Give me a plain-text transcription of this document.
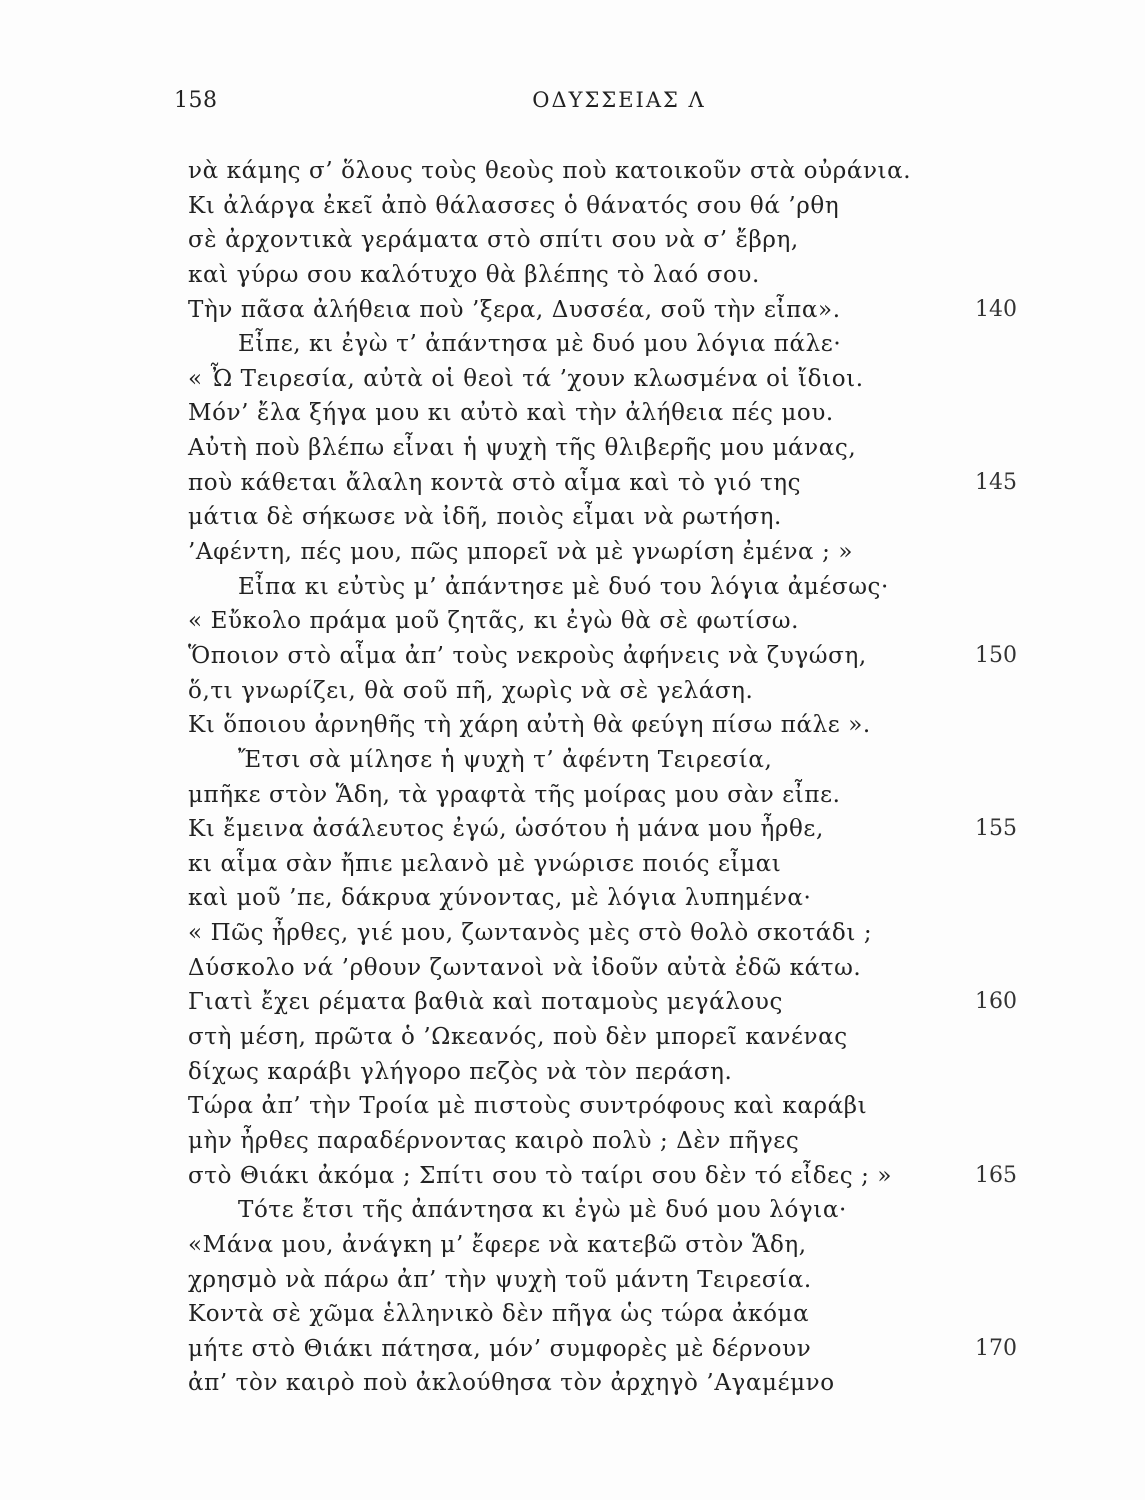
158	ΟΔΥΣΣΕΙΑΣ Λ
νὰ κάμης σ’ ὅλους τοὺς θεοὺς ποὺ κατοικοῦν στὰ οὐράνια.
Κι ἀλάργα ἐκεῖ ἀπὸ θάλασσες ὁ θάνατός σου θά ’ρθη
σὲ ἀρχοντικὰ γεράματα στὸ σπίτι σου νὰ σ’ ἔβρη,
καὶ γύρω σου καλότυχο θὰ βλέπης τὸ λαό σου.
Τὴν πᾶσα ἀλήθεια ποὺ ’ξερα, Δυσσέα, σοῦ τὴν εἶπα».	140
Εἶπε, κι ἐγὼ τ’ ἀπάντησα μὲ δυό μου λόγια πάλε·
« Ὦ Τειρεσία, αὐτὰ οἱ θεοὶ τά ’χουν κλωσμένα οἱ ἴδιοι.
Μόν’ ἔλα ξήγα μου κι αὐτὸ καὶ τὴν ἀλήθεια πές μου.
Αὐτὴ ποὺ βλέπω εἶναι ἡ ψυχὴ τῆς θλιβερῆς μου μάνας,
ποὺ κάθεται ἄλαλη κοντὰ στὸ αἷμα καὶ τὸ γιό της	145
μάτια δὲ σήκωσε νὰ ἰδῆ, ποιὸς εἶμαι νὰ ρωτήση.
’Αφέντη, πές μου, πῶς μπορεῖ νὰ μὲ γνωρίση ἐμένα ; »
Εἶπα κι εὐτὺς μ’ ἀπάντησε μὲ δυό του λόγια ἀμέσως·
« Εὔκολο πράμα μοῦ ζητᾶς, κι ἐγὼ θὰ σὲ φωτίσω.
Ὅποιον στὸ αἷμα ἀπ’ τοὺς νεκροὺς ἀφήνεις νὰ ζυγώση,	150
ὅ,τι γνωρίζει, θὰ σοῦ πῆ, χωρὶς νὰ σὲ γελάση.
Κι ὅποιου ἀρνηθῆς τὴ χάρη αὐτὴ θὰ φεύγη πίσω πάλε ».
Ἔτσι σὰ μίλησε ἡ ψυχὴ τ’ ἀφέντη Τειρεσία,
μπῆκε στὸν Ἅδη, τὰ γραφτὰ τῆς μοίρας μου σὰν εἶπε.
Κι ἔμεινα ἀσάλευτος ἐγώ, ὡσότου ἡ μάνα μου ἦρθε,	155
κι αἷμα σὰν ἤπιε μελανὸ μὲ γνώρισε ποιός εἶμαι
καὶ μοῦ ’πε, δάκρυα χύνοντας, μὲ λόγια λυπημένα·
« Πῶς ἦρθες, γιέ μου, ζωντανὸς μὲς στὸ θολὸ σκοτάδι ;
Δύσκολο νά ’ρθουν ζωντανοὶ νὰ ἰδοῦν αὐτὰ ἐδῶ κάτω.
Γιατὶ ἔχει ρέματα βαθιὰ καὶ ποταμοὺς μεγάλους	160
στὴ μέση, πρῶτα ὁ ’Ωκεανός, ποὺ δὲν μπορεῖ κανένας
δίχως καράβι γλήγορο πεζὸς νὰ τὸν περάση.
Τώρα ἀπ’ τὴν Τροία μὲ πιστοὺς συντρόφους καὶ καράβι
μὴν ἦρθες παραδέρνοντας καιρὸ πολὺ ; Δὲν πῆγες
στὸ Θιάκι ἀκόμα ; Σπίτι σου τὸ ταίρι σου δὲν τό εἶδες ; »	165
Τότε ἔτσι τῆς ἀπάντησα κι ἐγὼ μὲ δυό μου λόγια·
«Μάνα μου, ἀνάγκη μ’ ἔφερε νὰ κατεβῶ στὸν Ἅδη,
χρησμὸ νὰ πάρω ἀπ’ τὴν ψυχὴ τοῦ μάντη Τειρεσία.
Κοντὰ σὲ χῶμα ἑλληνικὸ δὲν πῆγα ὡς τώρα ἀκόμα
μήτε στὸ Θιάκι πάτησα, μόν’ συμφορὲς μὲ δέρνουν	170
ἀπ’ τὸν καιρὸ ποὺ ἀκλούθησα τὸν ἀρχηγὸ ’Αγαμέμνο
